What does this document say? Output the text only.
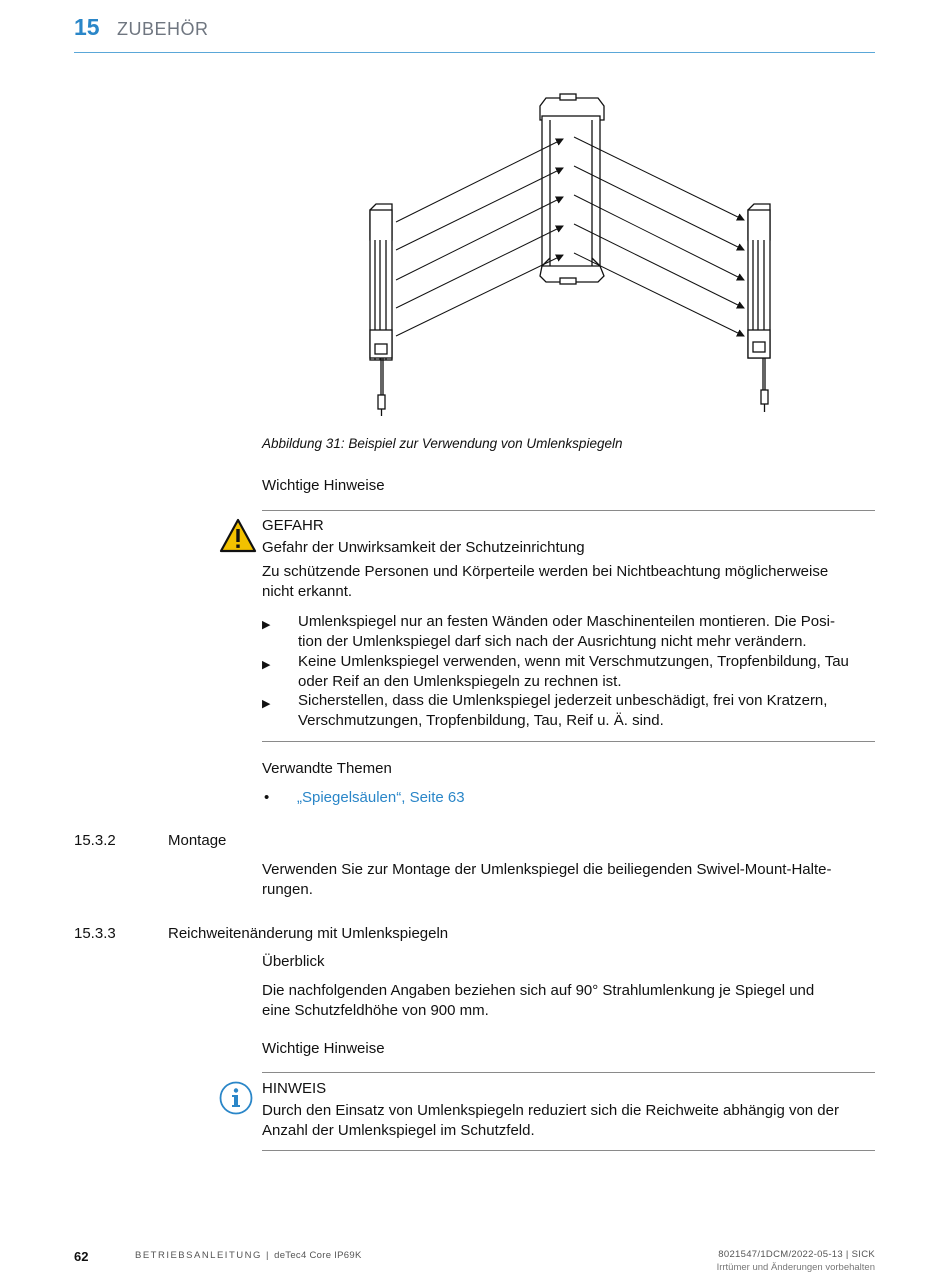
15 ZUBEHÖR
Abbildung 31: Beispiel zur Verwendung von Umlenkspiegeln
Wichtige Hinweise
GEFAHR
Gefahr der Unwirksamkeit der Schutzeinrichtung
Zu schützende Personen und Körperteile werden bei Nichtbeachtung möglicherweise
nicht erkannt.
▶ Umlenkspiegel nur an festen Wänden oder Maschinenteilen montieren. Die Posi-
tion der Umlenkspiegel darf sich nach der Ausrichtung nicht mehr verändern.
▶ Keine Umlenkspiegel verwenden, wenn mit Verschmutzungen, Tropfenbildung, Tau
oder Reif an den Umlenkspiegeln zu rechnen ist.
▶ Sicherstellen, dass die Umlenkspiegel jederzeit unbeschädigt, frei von Kratzern,
Verschmutzungen, Tropfenbildung, Tau, Reif u. Ä. sind.
Verwandte Themen
• „Spiegelsäulen“, Seite 63
15.3.2	Montage
Verwenden Sie zur Montage der Umlenkspiegel die beiliegenden Swivel-Mount-Halte-
rungen.
15.3.3	Reichweitenänderung mit Umlenkspiegeln
Überblick
Die nachfolgenden Angaben beziehen sich auf 90° Strahlumlenkung je Spiegel und
eine Schutzfeldhöhe von 900 mm.
Wichtige Hinweise
HINWEIS
Durch den Einsatz von Umlenkspiegeln reduziert sich die Reichweite abhängig von der
Anzahl der Umlenkspiegel im Schutzfeld.
62	BETRIEBSANLEITUNG | deTec4 Core IP69K	8021547/1DCM/2022-05-13 | SICK
Irrtümer und Änderungen vorbehalten
